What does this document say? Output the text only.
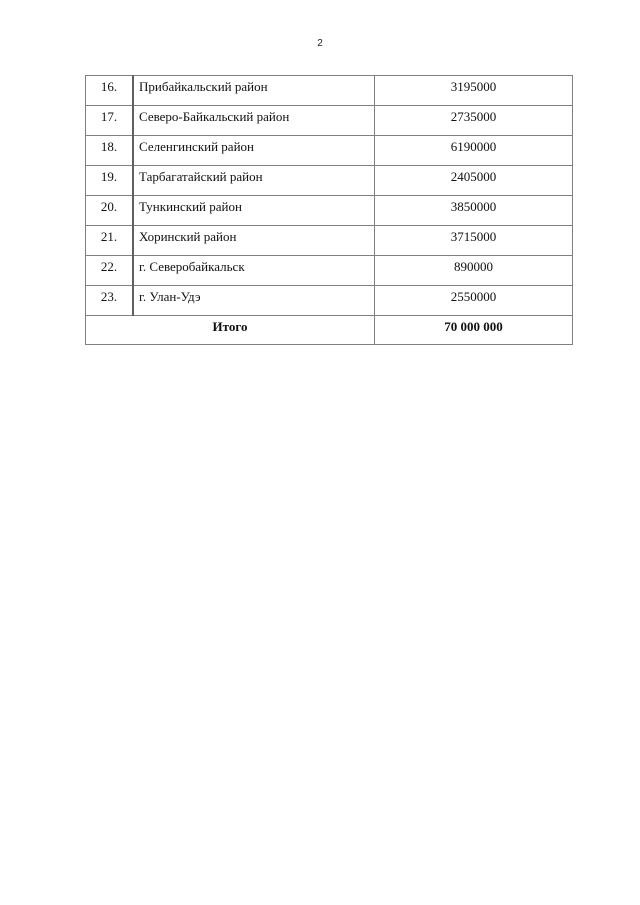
2
16.	Прибайкальский район	3195000
17.	Северо-Байкальский район	2735000
18.	Селенгинский район	6190000
19.	Тарбагатайский район	2405000
20.	Тункинский район	3850000
21.	Хоринский район	3715000
22.	г. Северобайкальск	890000
23.	г. Улан-Удэ	2550000
Итого		70 000 000
